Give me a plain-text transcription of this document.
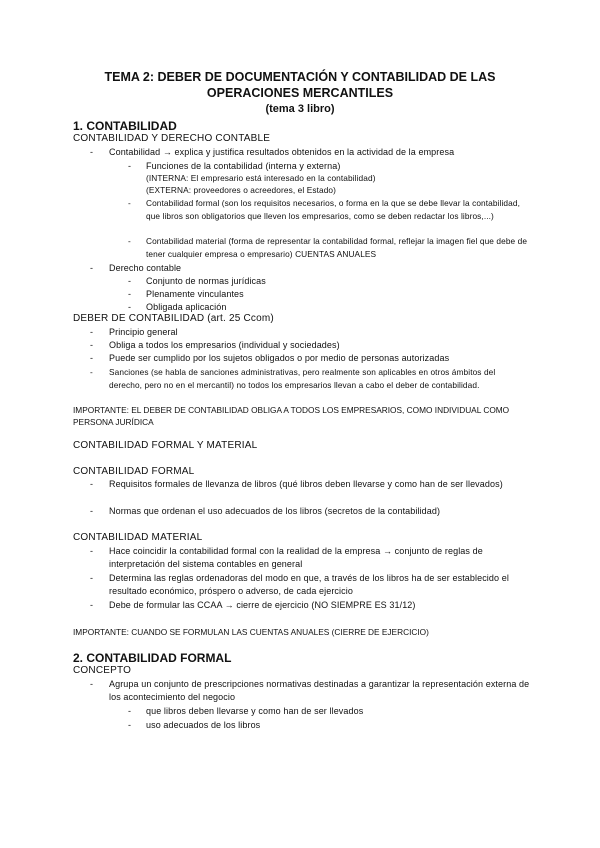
TEMA 2: DEBER DE DOCUMENTACIÓN Y CONTABILIDAD DE LAS
OPERACIONES MERCANTILES
(tema 3 libro)
1. CONTABILIDAD
CONTABILIDAD Y DERECHO CONTABLE
-	Contabilidad → explica y justifica resultados obtenidos en la actividad de la empresa
-	Funciones de la contabilidad (interna y externa)
(INTERNA: El empresario está interesado en la contabilidad)
(EXTERNA: proveedores o acreedores, el Estado)
-	Contabilidad formal (son los requisitos necesarios, o forma en la que se debe llevar la contabilidad, que libros son obligatorios que lleven los empresarios, como se deben redactar los libros,...)
-	Contabilidad material (forma de representar la contabilidad formal, reflejar la imagen fiel que debe de tener cualquier empresa o empresario) CUENTAS ANUALES
-	Derecho contable
-	Conjunto de normas jurídicas
-	Plenamente vinculantes
-	Obligada aplicación
DEBER DE CONTABILIDAD (art. 25 Ccom)
-	Principio general
-	Obliga a todos los empresarios (individual y sociedades)
-	Puede ser cumplido por los sujetos obligados o por medio de personas autorizadas
-	Sanciones (se habla de sanciones administrativas, pero realmente son aplicables en otros ámbitos del derecho, pero no en el mercantil) no todos los empresarios llevan a cabo el deber de contabilidad.
IMPORTANTE: EL DEBER DE CONTABILIDAD OBLIGA A TODOS LOS EMPRESARIOS, COMO INDIVIDUAL COMO PERSONA JURÍDICA
CONTABILIDAD FORMAL Y MATERIAL
CONTABILIDAD FORMAL
-	Requisitos formales de llevanza de libros (qué libros deben llevarse y como han de ser llevados)
-	Normas que ordenan el uso adecuados de los libros (secretos de la contabilidad)
CONTABILIDAD MATERIAL
-	Hace coincidir la contabilidad formal con la realidad de la empresa → conjunto de reglas de interpretación del sistema contables en general
-	Determina las reglas ordenadoras del modo en que, a través de los libros ha de ser establecido el resultado económico, próspero o adverso, de cada ejercicio
-	Debe de formular las CCAA → cierre de ejercicio (NO SIEMPRE ES 31/12)
IMPORTANTE: CUANDO SE FORMULAN LAS CUENTAS ANUALES (CIERRE DE EJERCICIO)
2. CONTABILIDAD FORMAL
CONCEPTO
-	Agrupa un conjunto de prescripciones normativas destinadas a garantizar la representación externa de los acontecimiento del negocio
-	que libros deben llevarse y como han de ser llevados
-	uso adecuados de los libros
